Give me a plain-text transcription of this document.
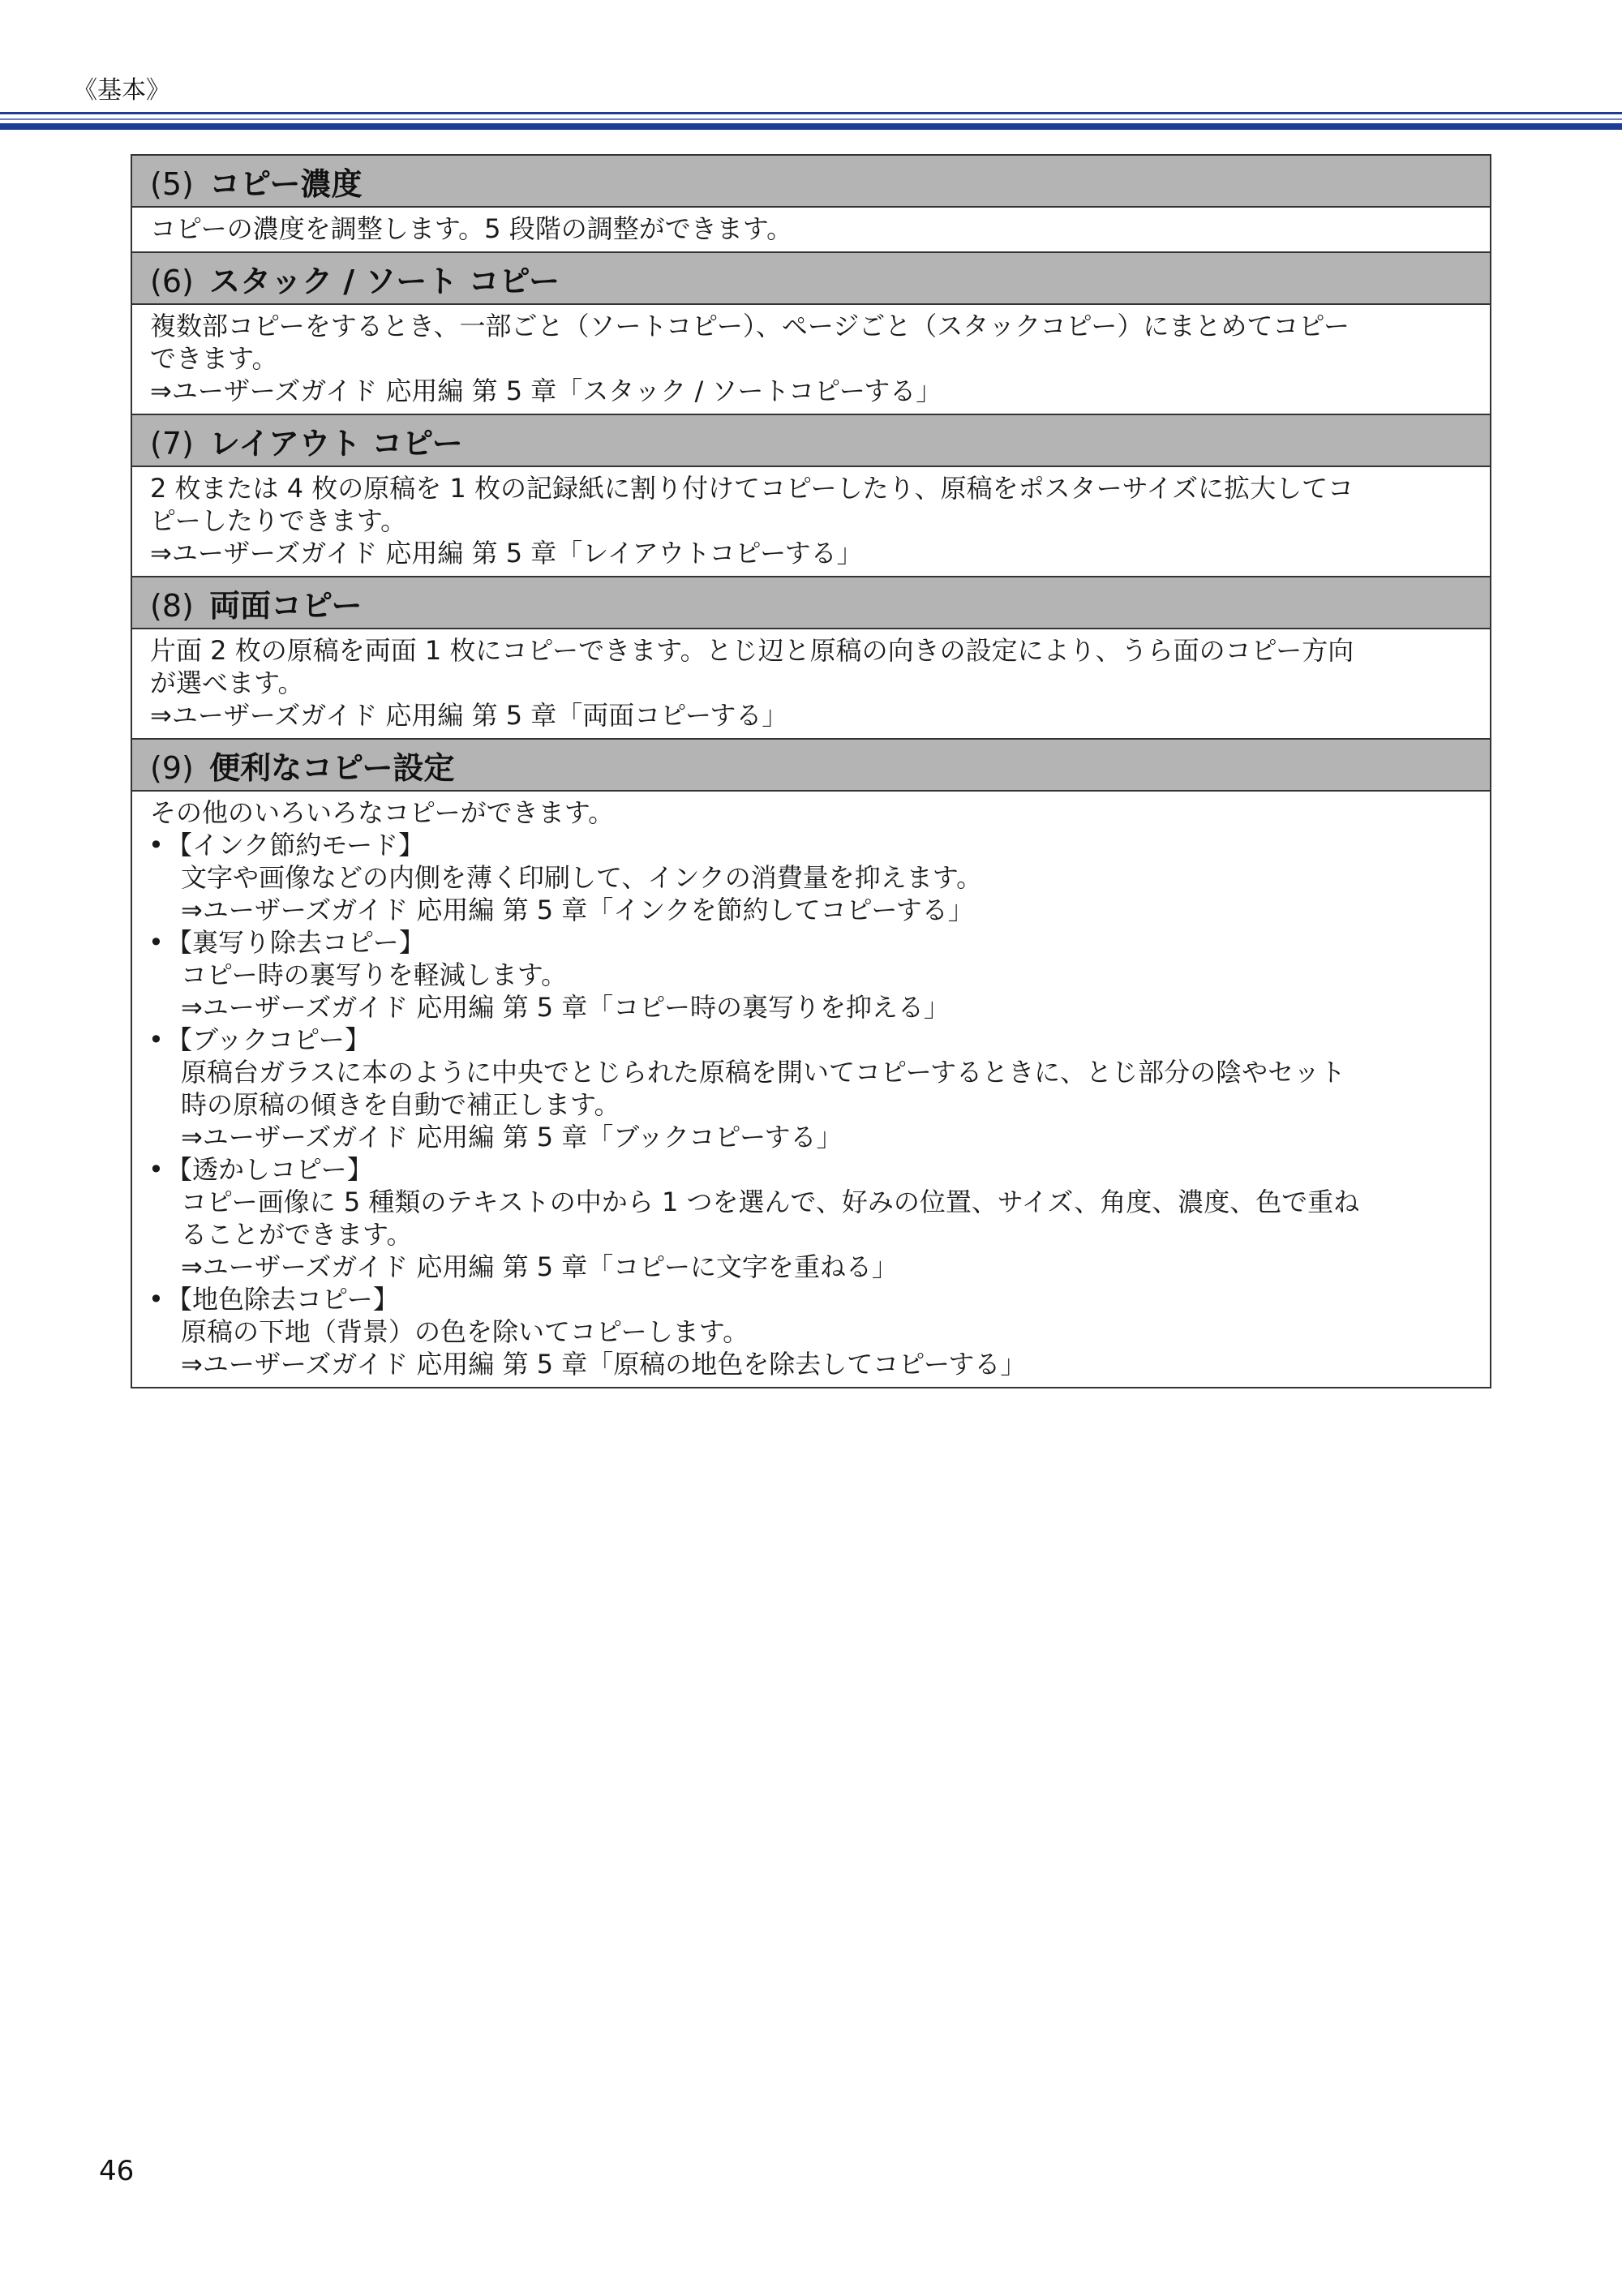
《基本》
(5) コピー濃度

コピーの濃度を調整します。5 段階の調整ができます。

(6) スタック / ソート コピー

複数部コピーをするとき、一部ごと（ソートコピー）、ページごと（スタックコピー）にまとめてコピー
できます。
⇒ユーザーズガイド 応用編 第 5 章「スタック / ソートコピーする」

(7) レイアウト コピー

2 枚または 4 枚の原稿を 1 枚の記録紙に割り付けてコピーしたり、原稿をポスターサイズに拡大してコ
ピーしたりできます。
⇒ユーザーズガイド 応用編 第 5 章「レイアウトコピーする」

(8) 両面コピー

片面 2 枚の原稿を両面 1 枚にコピーできます。とじ辺と原稿の向きの設定により、うら面のコピー方向
が選べます。
⇒ユーザーズガイド 応用編 第 5 章「両面コピーする」

(9) 便利なコピー設定

その他のいろいろなコピーができます。
• 【インク節約モード】
文字や画像などの内側を薄く印刷して、インクの消費量を抑えます。
⇒ユーザーズガイド 応用編 第 5 章「インクを節約してコピーする」
• 【裏写り除去コピー】
コピー時の裏写りを軽減します。
⇒ユーザーズガイド 応用編 第 5 章「コピー時の裏写りを抑える」
• 【ブックコピー】
原稿台ガラスに本のように中央でとじられた原稿を開いてコピーするときに、とじ部分の陰やセット
時の原稿の傾きを自動で補正します。
⇒ユーザーズガイド 応用編 第 5 章「ブックコピーする」
• 【透かしコピー】
コピー画像に 5 種類のテキストの中から 1 つを選んで、好みの位置、サイズ、角度、濃度、色で重ね
ることができます。
⇒ユーザーズガイド 応用編 第 5 章「コピーに文字を重ねる」
• 【地色除去コピー】
原稿の下地（背景）の色を除いてコピーします。
⇒ユーザーズガイド 応用編 第 5 章「原稿の地色を除去してコピーする」
46
